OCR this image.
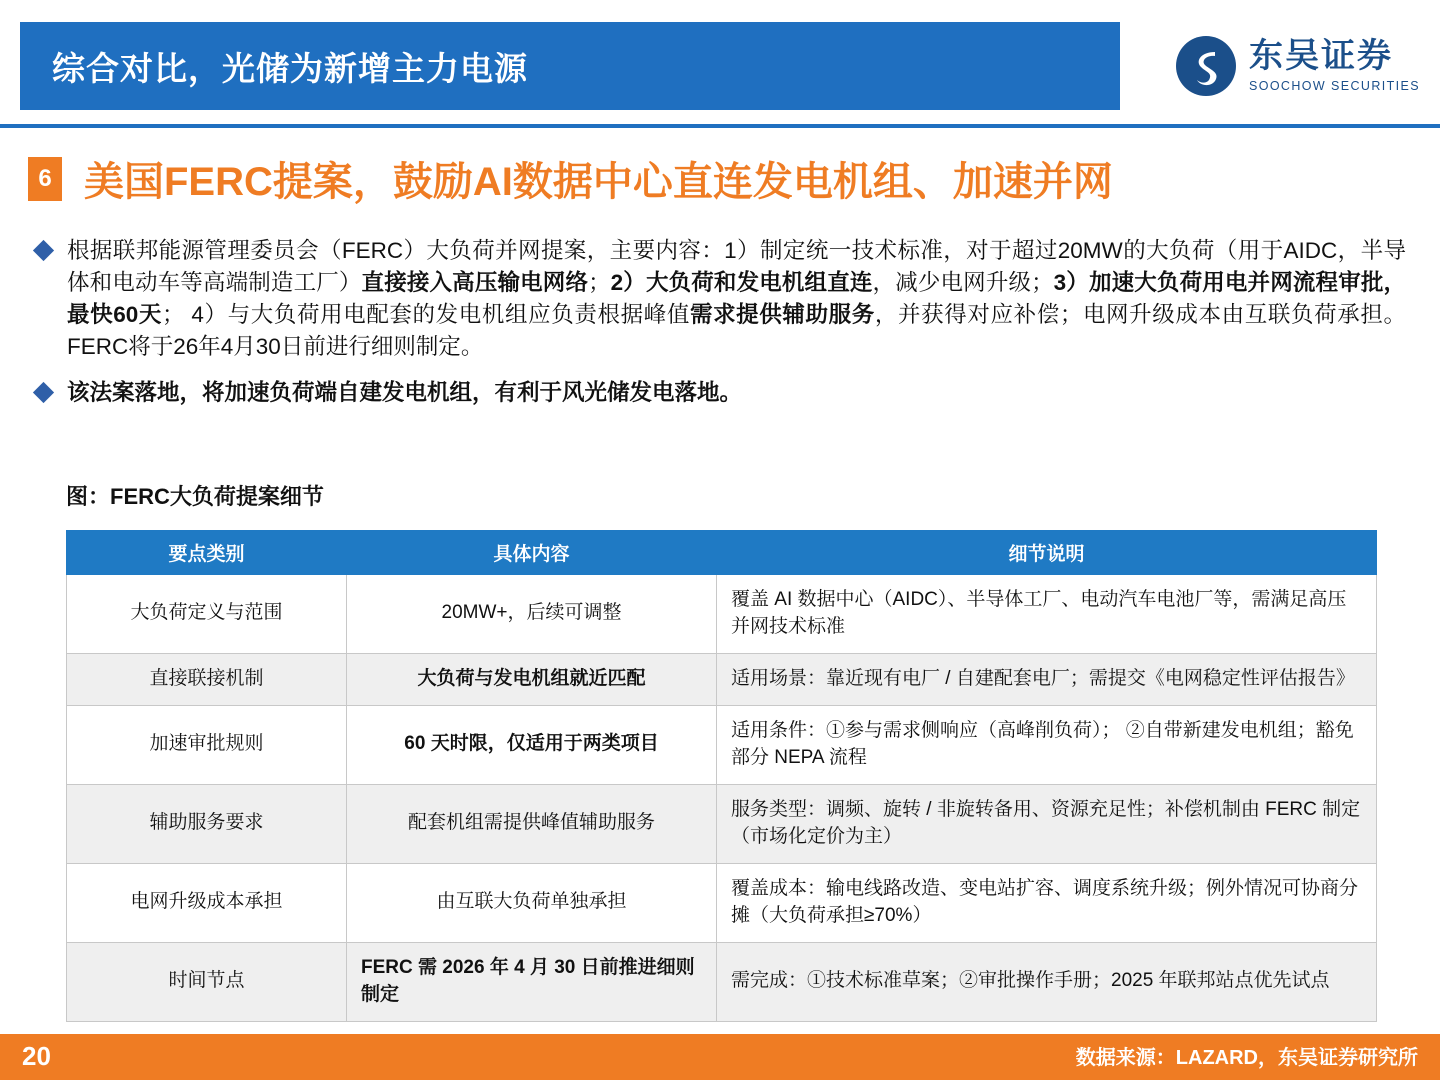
综合对比，光储为新增主力电源	东吴证券
SOOCHOW SECURITIES
6 美国FERC提案，鼓励AI数据中心直连发电机组、加速并网
根据联邦能源管理委员会（FERC）大负荷并网提案，主要内容：1）制定统一技术标准，对于超过20MW的大负荷（用于AIDC，半导体和电动车等高端制造工厂）直接接入高压输电网络；2）大负荷和发电机组直连，减少电网升级；3）加速大负荷用电并网流程审批，最快60天； 4）与大负荷用电配套的发电机组应负责根据峰值需求提供辅助服务，并获得对应补偿；电网升级成本由互联负荷承担。FERC将于26年4月30日前进行细则制定。
该法案落地，将加速负荷端自建发电机组，有利于风光储发电落地。
图：FERC大负荷提案细节
要点类别	具体内容	细节说明
大负荷定义与范围	20MW+，后续可调整	覆盖 AI 数据中心（AIDC）、半导体工厂、电动汽车电池厂等，需满足高压并网技术标准
直接联接机制	大负荷与发电机组就近匹配	适用场景：靠近现有电厂 / 自建配套电厂；需提交《电网稳定性评估报告》
加速审批规则	60 天时限，仅适用于两类项目	适用条件：①参与需求侧响应（高峰削负荷）； ②自带新建发电机组；豁免部分 NEPA 流程
辅助服务要求	配套机组需提供峰值辅助服务	服务类型：调频、旋转 / 非旋转备用、资源充足性；补偿机制由 FERC 制定（市场化定价为主）
电网升级成本承担	由互联大负荷单独承担	覆盖成本：输电线路改造、变电站扩容、调度系统升级；例外情况可协商分摊（大负荷承担≥70%）
时间节点	FERC 需 2026 年 4 月 30 日前推进细则制定	需完成：①技术标准草案；②审批操作手册；2025 年联邦站点优先试点
20	数据来源：LAZARD，东吴证券研究所
